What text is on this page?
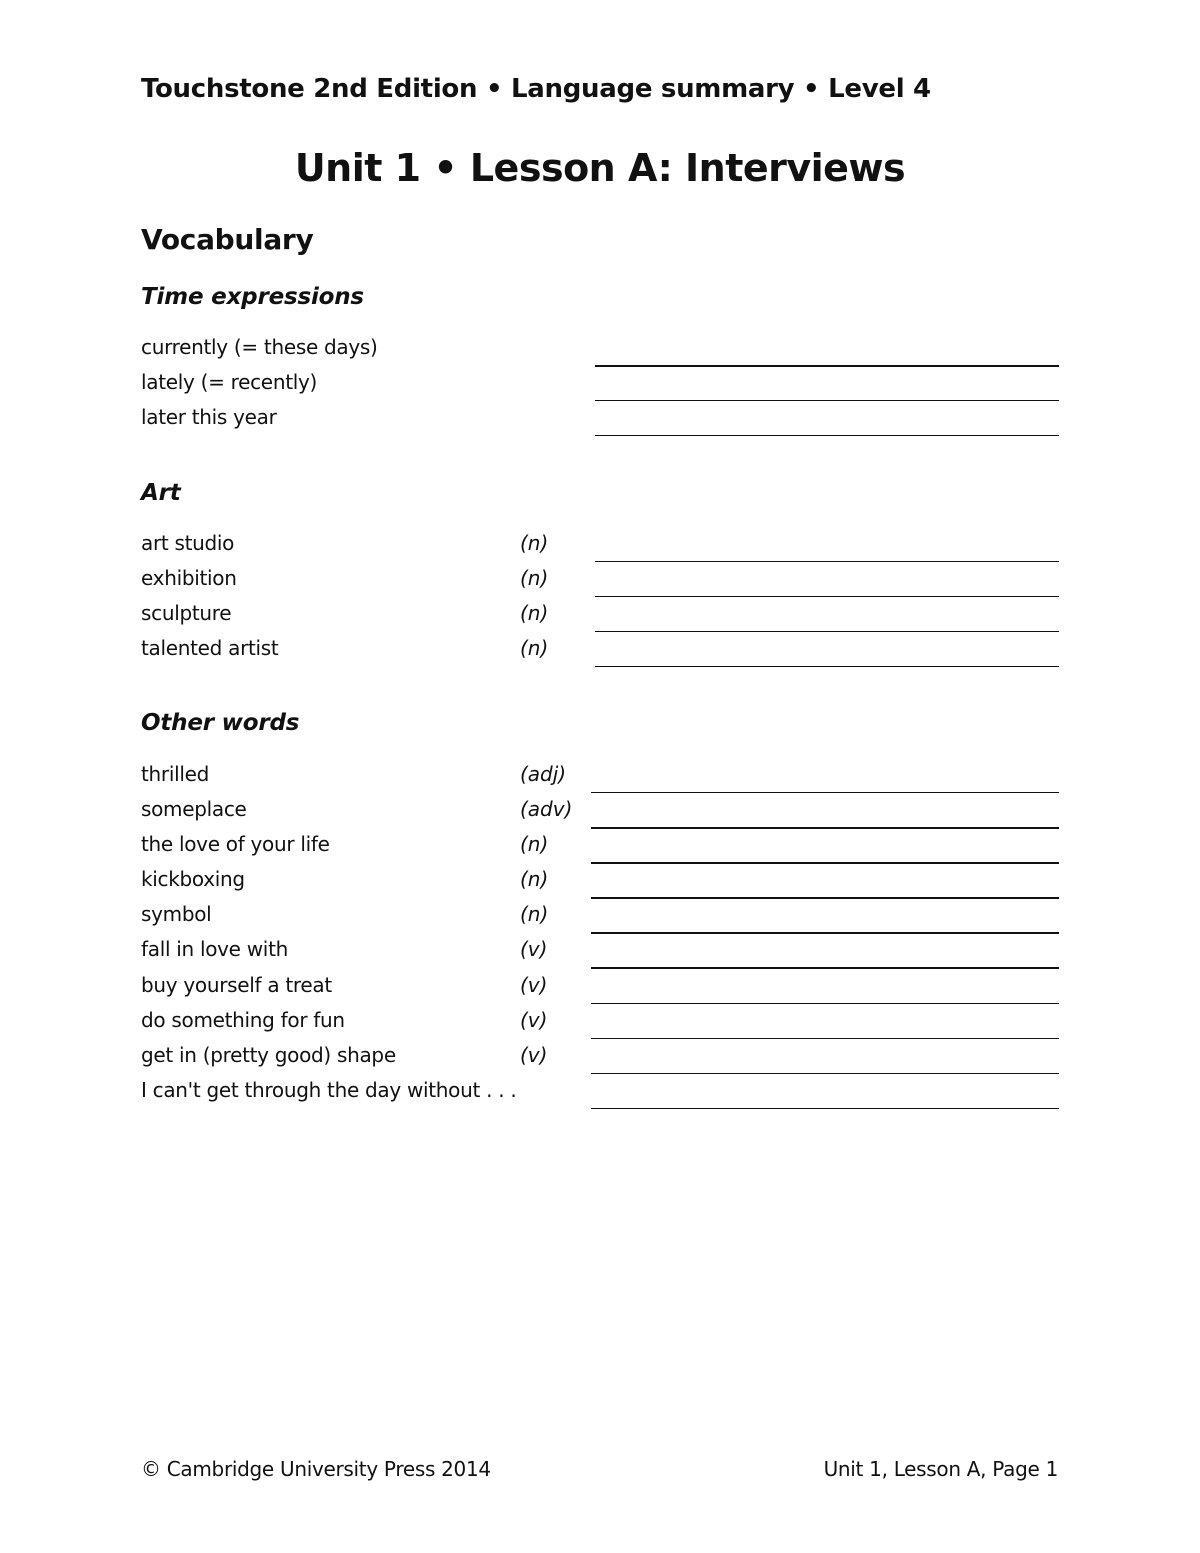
Touchstone 2nd Edition • Language summary • Level 4
Unit 1 • Lesson A: Interviews
Vocabulary
Time expressions
currently (= these days)
lately (= recently)
later this year
Art
art studio	(n)
exhibition	(n)
sculpture	(n)
talented artist	(n)
Other words
thrilled	(adj)
someplace	(adv)
the love of your life	(n)
kickboxing	(n)
symbol	(n)
fall in love with	(v)
buy yourself a treat	(v)
do something for fun	(v)
get in (pretty good) shape	(v)
I can't get through the day without . . .
© Cambridge University Press 2014	Unit 1, Lesson A, Page 1
